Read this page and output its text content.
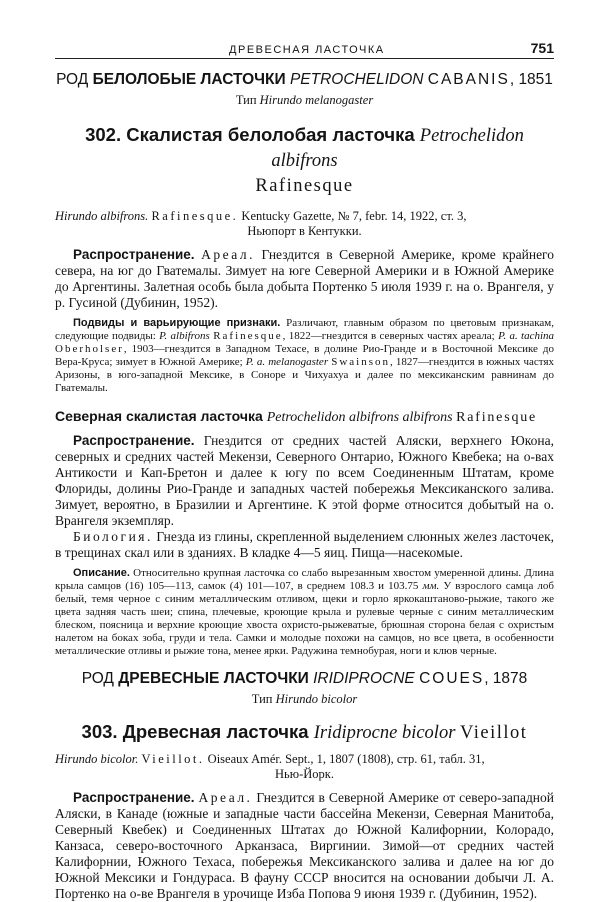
ДРЕВЕСНАЯ ЛАСТОЧКА	751
РОД БЕЛОЛОБЫЕ ЛАСТОЧКИ PETROCHELIDON CABANIS, 1851
Тип Hirundo melanogaster
302. Скалистая белолобая ласточка Petrochelidon albifrons
Rafinesque

Hirundo albifrons. Rafinesque. Kentucky Gazette, № 7, febr. 14, 1922, ст. 3,

Ньюпорт в Кентукки.

Распространение. Ареал. Гнездится в Северной Америке, кроме крайнего севера, на юг до Гватемалы. Зимует на юге Северной Америки и в Южной Америке до Аргентины. Залетная особь была добыта Портенко 5 июля 1939 г. на о. Врангеля, у р. Гусиной (Дубинин, 1952).

Подвиды и варьирующие признаки. Различают, главным образом по цветовым признакам, следующие подвиды: P. albifrons Rafinesque, 1822—гнездится в северных частях ареала; P. a. tachina Oberholser, 1903—гнездится в Западном Техасе, в долине Рио-Гранде и в Восточной Мексике до Вера-Круса; зимует в Южной Америке; P. a. melanogaster Swainson, 1827—гнездится в южных частях Аризоны, в юго-западной Мексике, в Соноре и Чихуахуа и далее по мексиканским равнинам до Гватемалы.

Северная скалистая ласточка Petrochelidon albifrons albifrons Rafinesque

Распространение. Гнездится от средних частей Аляски, верхнего Юкона, северных и средних частей Мекензи, Северного Онтарио, Южного Квебека; на о-вах Антикости и Кап-Бретон и далее к югу по всем Соединенным Штатам, кроме Флориды, долины Рио-Гранде и западных частей побережья Мексиканского залива. Зимует, вероятно, в Бразилии и Аргентине. К этой форме относится добытый на о. Врангеля экземпляр.

Биология. Гнезда из глины, скрепленной выделением слюнных желез ласточек, в трещинах скал или в зданиях. В кладке 4—5 яиц. Пища—насекомые.

Описание. Относительно крупная ласточка со слабо вырезанным хвостом умеренной длины. Длина крыла самцов (16) 105—113, самок (4) 101—107, в среднем 108.3 и 103.75 мм. У взрослого самца лоб белый, темя черное с синим металлическим отливом, щеки и горло яркокаштаново-рыжие, такого же цвета задняя часть шеи; спина, плечевые, кроющие крыла и рулевые черные с синим металлическим блеском, поясница и верхние кроющие хвоста охристо-рыжеватые, брюшная сторона белая с охристым налетом на боках зоба, груди и тела. Самки и молодые похожи на самцов, но все цвета, в особенности металлические отливы и рыжие тона, менее ярки. Радужина темнобурая, ноги и клюв черные.

РОД ДРЕВЕСНЫЕ ЛАСТОЧКИ IRIDIPROCNE COUES, 1878
Тип Hirundo bicolor
303. Древесная ласточка Iridiprocne bicolor Vieillot

Hirundo bicolor. Vieillot. Oiseaux Amér. Sept., 1, 1807 (1808), стр. 61, табл. 31,

Нью-Йорк.

Распространение. Ареал. Гнездится в Северной Америке от северо-западной Аляски, в Канаде (южные и западные части бассейна Мекензи, Северная Манитоба, Северный Квебек) и Соединенных Штатах до Южной Калифорнии, Колорадо, Канзаса, северо-восточного Арканзаса, Виргинии. Зимой—от средних частей Калифорнии, Южного Техаса, побережья Мексиканского залива и далее на юг до Южной Мексики и Гондураса. В фауну СССР вносится на основании добычи Л. А. Портенко на о-ве Врангеля в урочище Изба Попова 9 июня 1939 г. (Дубинин, 1952).
